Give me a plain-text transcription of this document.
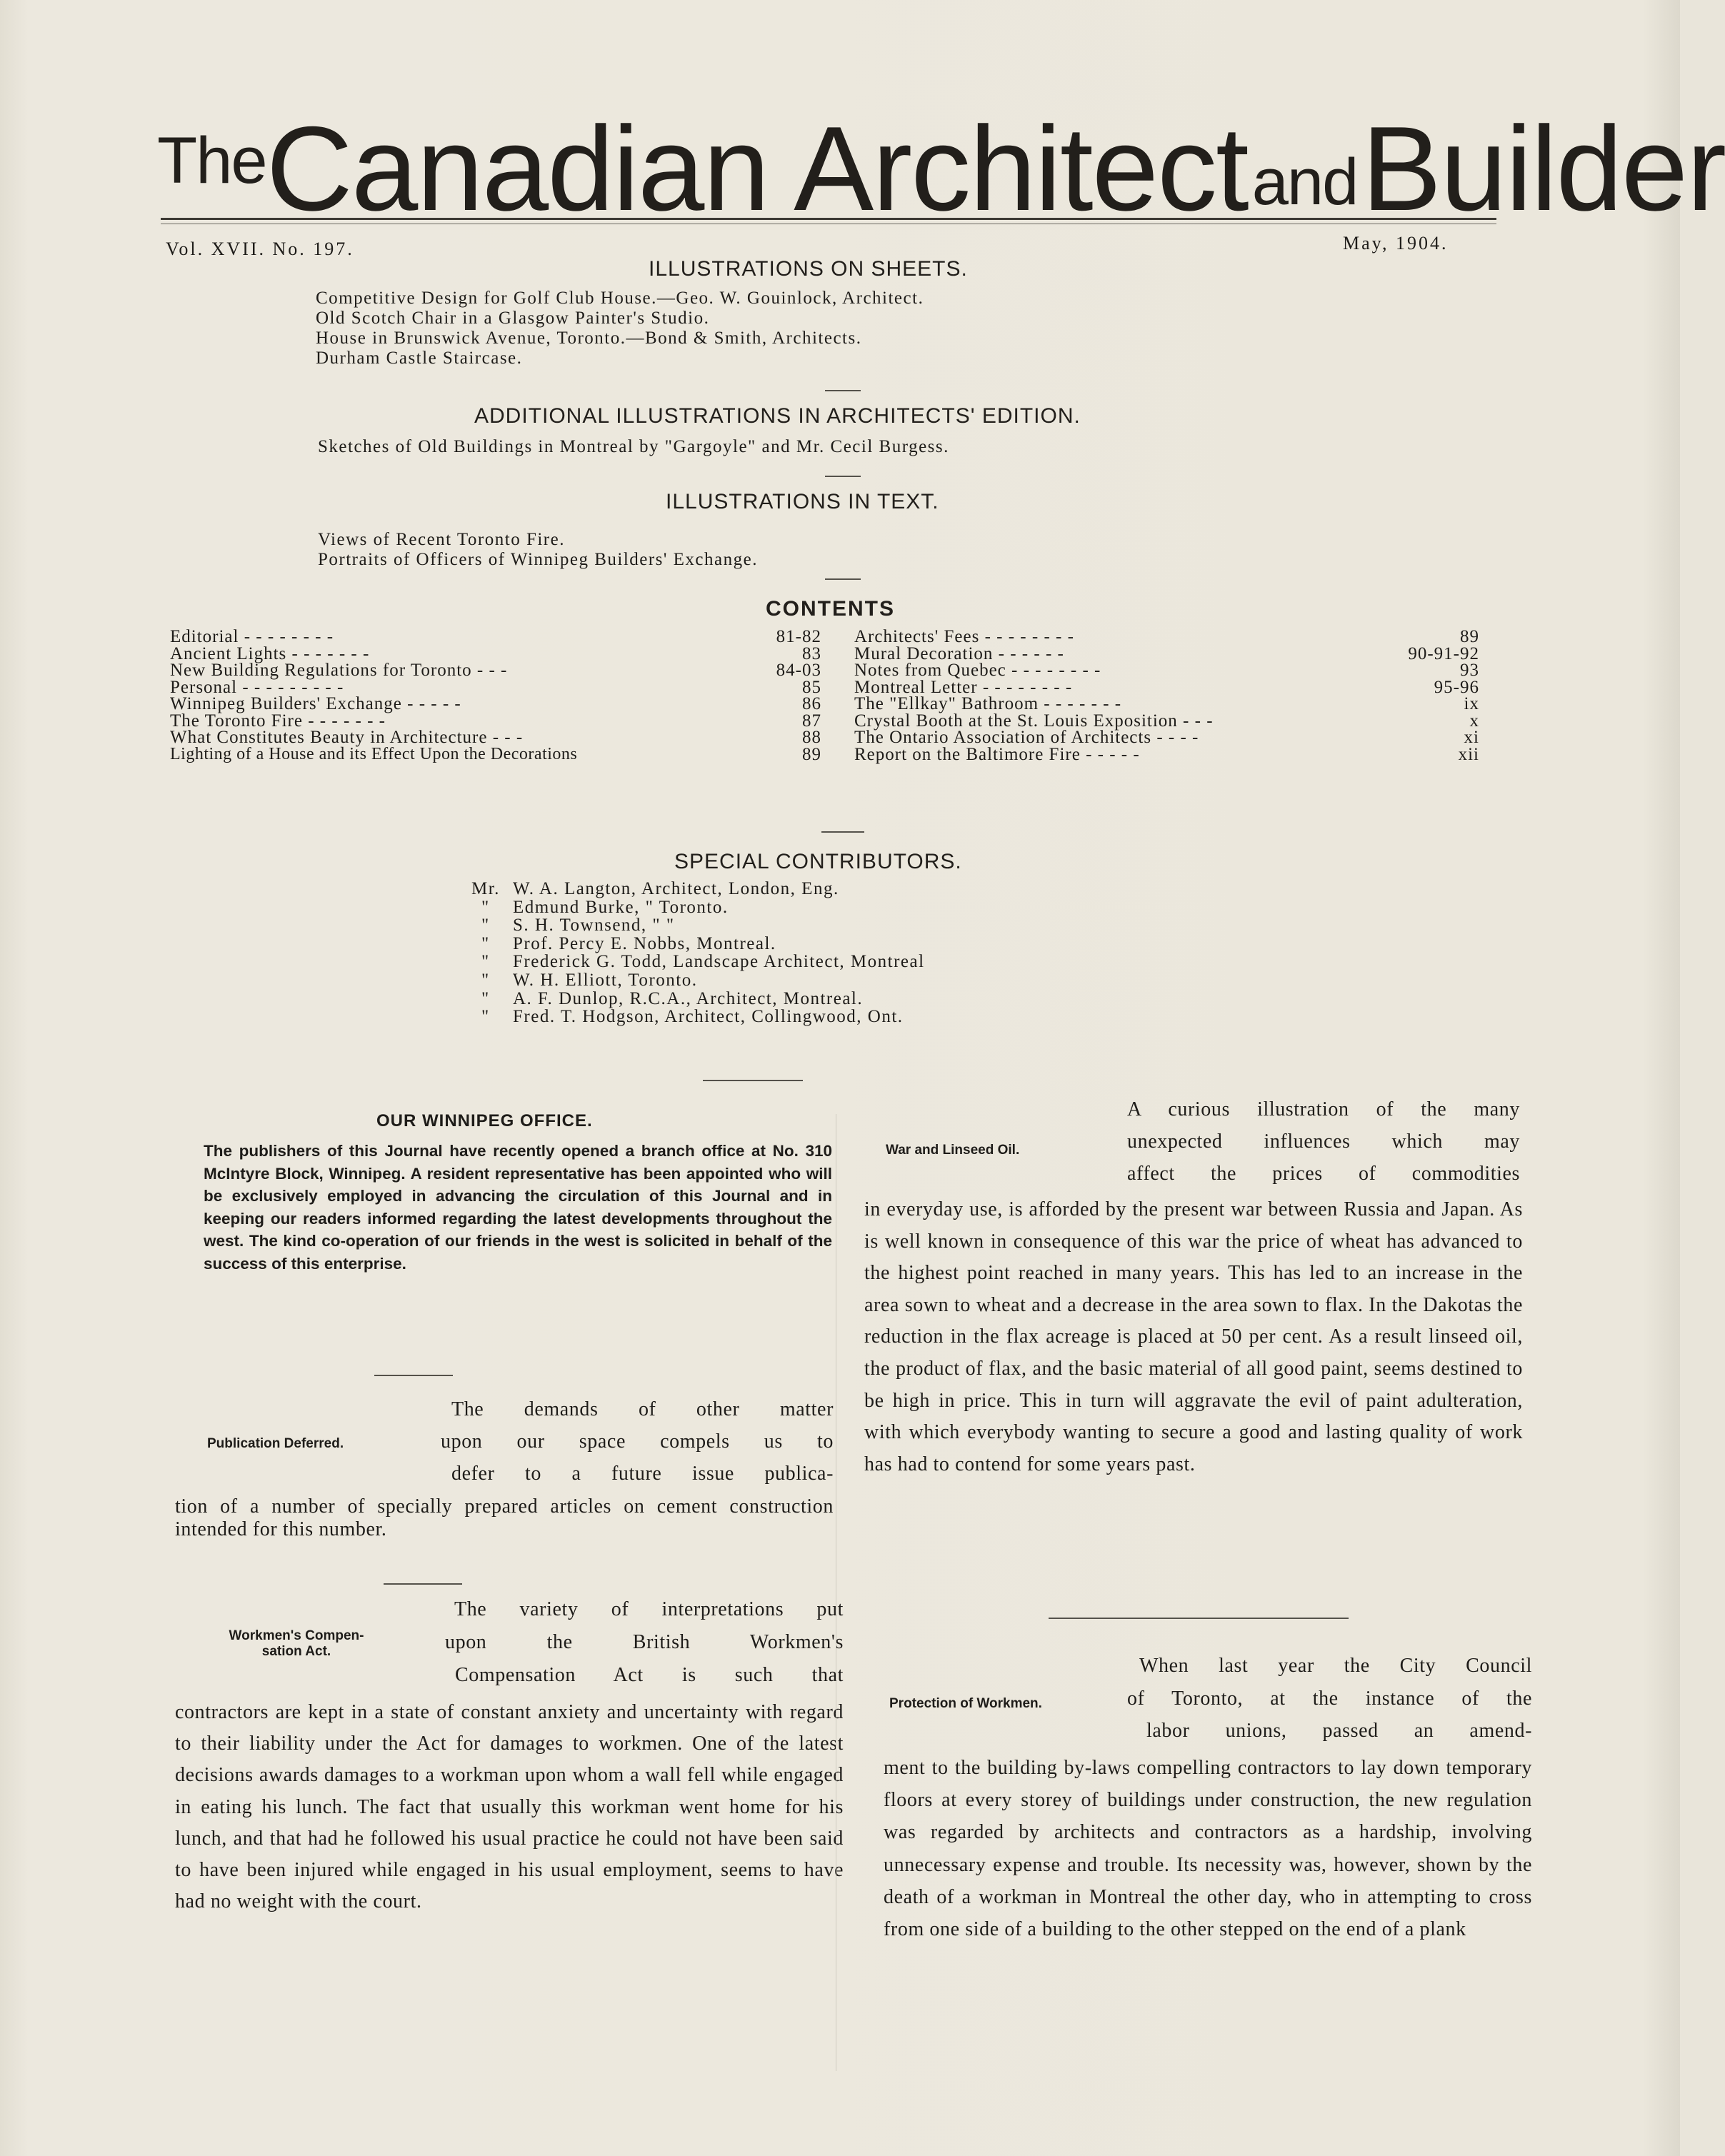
TheCanadian ArchitectandBuilder
Vol. XVII. No. 197.	May, 1904.
ILLUSTRATIONS ON SHEETS.
Competitive Design for Golf Club House.—Geo. W. Gouinlock, Architect.
Old Scotch Chair in a Glasgow Painter's Studio.
House in Brunswick Avenue, Toronto.—Bond & Smith, Architects.
Durham Castle Staircase.
ADDITIONAL ILLUSTRATIONS IN ARCHITECTS' EDITION.
Sketches of Old Buildings in Montreal by "Gargoyle" and Mr. Cecil Burgess.
ILLUSTRATIONS IN TEXT.
Views of Recent Toronto Fire.
Portraits of Officers of Winnipeg Builders' Exchange.
CONTENTS
Editorial - - - - - - - -	81-82
Ancient Lights - - - - - - -	83
New Building Regulations for Toronto - - -	84-03
Personal - - - - - - - - -	85
Winnipeg Builders' Exchange - - - - -	86
The Toronto Fire - - - - - - -	87
What Constitutes Beauty in Architecture - - -	88
Lighting of a House and its Effect Upon the Decorations	89
Architects' Fees - - - - - - - -	89
Mural Decoration - - - - - -	90-91-92
Notes from Quebec - - - - - - - -	93
Montreal Letter - - - - - - - -	95-96
The "Ellkay" Bathroom - - - - - - -	ix
Crystal Booth at the St. Louis Exposition - - -	x
The Ontario Association of Architects - - - -	xi
Report on the Baltimore Fire - - - - -	xii
SPECIAL CONTRIBUTORS.
Mr. W. A. Langton, Architect, London, Eng.
" Edmund Burke, " Toronto.
" S. H. Townsend, " "
" Prof. Percy E. Nobbs, Montreal.
" Frederick G. Todd, Landscape Architect, Montreal
" W. H. Elliott, Toronto.
" A. F. Dunlop, R.C.A., Architect, Montreal.
" Fred. T. Hodgson, Architect, Collingwood, Ont.
OUR WINNIPEG OFFICE.

The publishers of this Journal have recently opened a branch office at No. 310 McIntyre Block, Winnipeg. A resident representative has been appointed who will be exclusively employed in advancing the circulation of this Journal and in keeping our readers informed regarding the latest developments throughout the west. The kind co-operation of our friends in the west is solicited in behalf of the success of this enterprise.

The demands of other matter
Publication Deferred.	upon our space compels us to
defer to a future issue publica-

tion of a number of specially prepared articles on cement construction intended for this number.

The variety of interpretations put
Workmen's Compen-
sation Act.	upon the British Workmen's
Compensation Act is such that

contractors are kept in a state of constant anxiety and uncertainty with regard to their liability under the Act for damages to workmen. One of the latest decisions awards damages to a workman upon whom a wall fell while engaged in eating his lunch. The fact that usually this workman went home for his lunch, and that had he followed his usual practice he could not have been said to have been injured while engaged in his usual employment, seems to have had no weight with the court.

A curious illustration of the many
War and Linseed Oil.	unexpected influences which may
affect the prices of commodities

in everyday use, is afforded by the present war between Russia and Japan. As is well known in consequence of this war the price of wheat has advanced to the highest point reached in many years. This has led to an increase in the area sown to wheat and a decrease in the area sown to flax. In the Dakotas the reduction in the flax acreage is placed at 50 per cent. As a result linseed oil, the product of flax, and the basic material of all good paint, seems destined to be high in price. This in turn will aggravate the evil of paint adulteration, with which everybody wanting to secure a good and lasting quality of work has had to contend for some years past.

When last year the City Council
Protection of Workmen.	of Toronto, at the instance of the
labor unions, passed an amend-

ment to the building by-laws compelling contractors to lay down temporary floors at every storey of buildings under construction, the new regulation was regarded by architects and contractors as a hardship, involving unnecessary expense and trouble. Its necessity was, however, shown by the death of a workman in Montreal the other day, who in attempting to cross from one side of a building to the other stepped on the end of a plank
